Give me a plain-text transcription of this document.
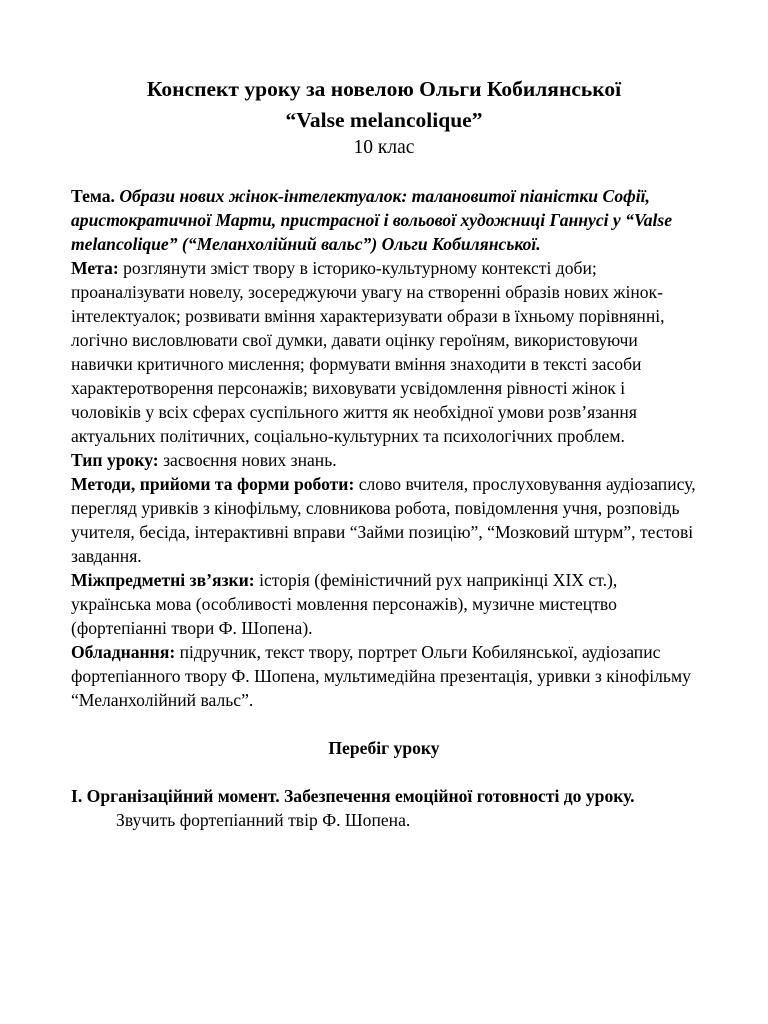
Конспект уроку за новелою Ольги Кобилянської
“Valse melancolique”
10 клас

Тема. Образи нових жінок-інтелектуалок: талановитої піаністки Софії, аристократичної Марти, пристрасної і вольової художниці Ганнусі у “Valse melancolique” (“Меланхолійний вальс”) Ольги Кобилянської.

Мета: розглянути зміст твору в історико-культурному контексті доби; проаналізувати новелу, зосереджуючи увагу на створенні образів нових жінок-інтелектуалок; розвивати вміння характеризувати образи в їхньому порівнянні, логічно висловлювати свої думки, давати оцінку героїням, використовуючи навички критичного мислення; формувати вміння знаходити в тексті засоби характеротворення персонажів; виховувати усвідомлення рівності жінок і чоловіків у всіх сферах суспільного життя як необхідної умови розв’язання актуальних політичних, соціально-культурних та психологічних проблем.

Тип уроку: засвоєння нових знань.

Методи, прийоми та форми роботи: слово вчителя, прослуховування аудіозапису, перегляд уривків з кінофільму, словникова робота, повідомлення учня, розповідь учителя, бесіда, інтерактивні вправи “Займи позицію”, “Мозковий штурм”, тестові завдання.

Міжпредметні зв’язки: історія (феміністичний рух наприкінці ХІХ ст.), українська мова (особливості мовлення персонажів), музичне мистецтво (фортепіанні твори Ф. Шопена).

Обладнання: підручник, текст твору, портрет Ольги Кобилянської, аудіозапис фортепіанного твору Ф. Шопена, мультимедійна презентація, уривки з кінофільму “Меланхолійний вальс”.

Перебіг уроку

І. Організаційний момент. Забезпечення емоційної готовності до уроку.

Звучить фортепіанний твір Ф. Шопена.
